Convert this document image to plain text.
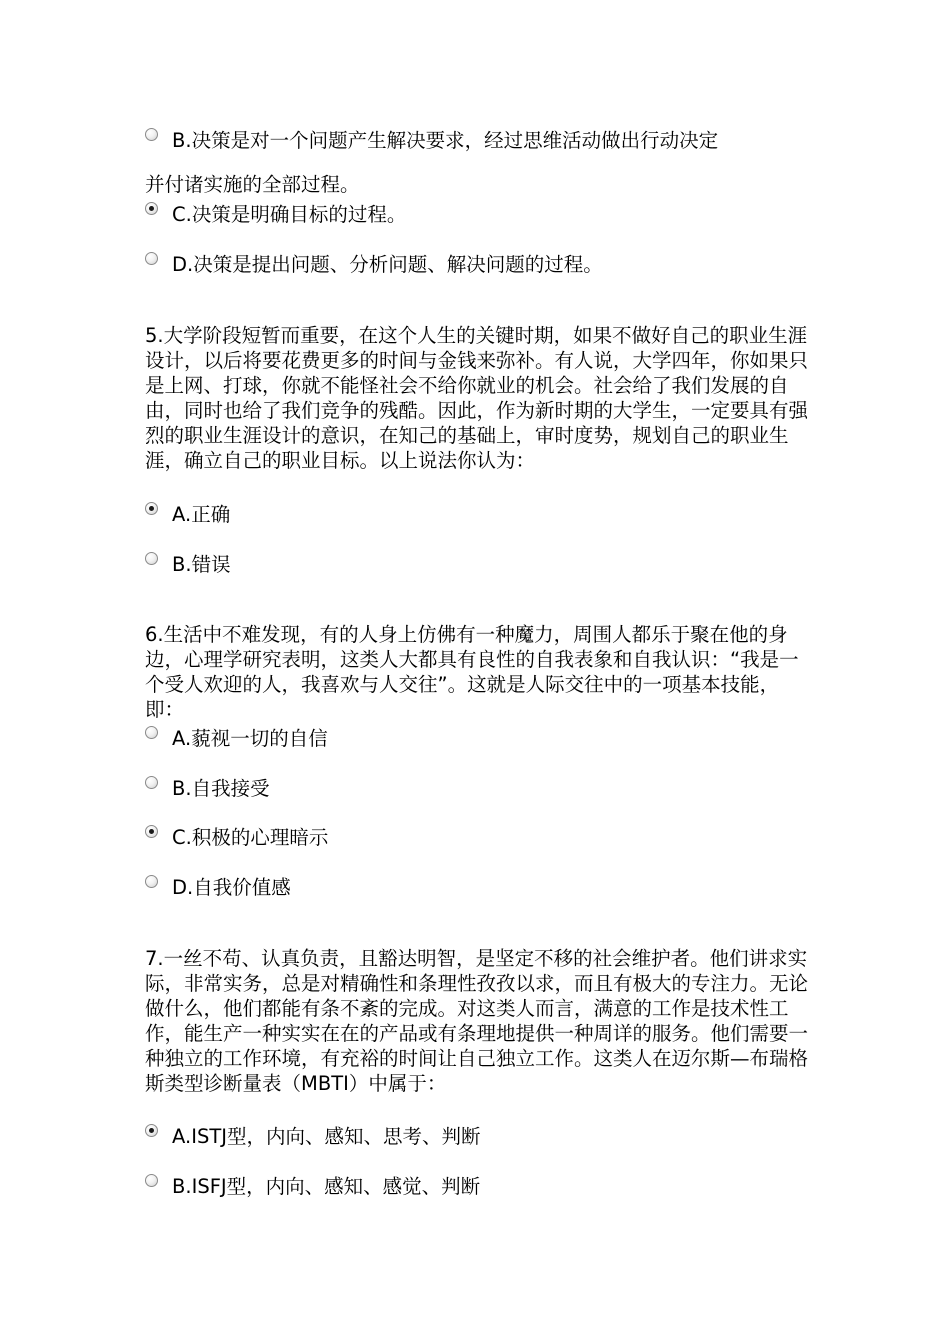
B.决策是对一个问题产生解决要求，经过思维活动做出行动决定
并付诸实施的全部过程。
C.决策是明确目标的过程。
D.决策是提出问题、分析问题、解决问题的过程。

5.大学阶段短暂而重要，在这个人生的关键时期，如果不做好自己的职业生涯设计，以后将要花费更多的时间与金钱来弥补。有人说，大学四年，你如果只是上网、打球，你就不能怪社会不给你就业的机会。社会给了我们发展的自由，同时也给了我们竞争的残酷。因此，作为新时期的大学生，一定要具有强烈的职业生涯设计的意识，在知己的基础上，审时度势，规划自己的职业生涯，确立自己的职业目标。以上说法你认为：

A.正确
B.错误

6.生活中不难发现，有的人身上仿佛有一种魔力，周围人都乐于聚在他的身边，心理学研究表明，这类人大都具有良性的自我表象和自我认识：“我是一个受人欢迎的人，我喜欢与人交往”。这就是人际交往中的一项基本技能，即：

A.藐视一切的自信
B.自我接受
C.积极的心理暗示
D.自我价值感

7.一丝不苟、认真负责，且豁达明智，是坚定不移的社会维护者。他们讲求实际，非常实务，总是对精确性和条理性孜孜以求，而且有极大的专注力。无论做什么，他们都能有条不紊的完成。对这类人而言，满意的工作是技术性工作，能生产一种实实在在的产品或有条理地提供一种周详的服务。他们需要一种独立的工作环境，有充裕的时间让自己独立工作。这类人在迈尔斯—布瑞格斯类型诊断量表（MBTI）中属于：

A.ISTJ型，内向、感知、思考、判断
B.ISFJ型，内向、感知、感觉、判断
